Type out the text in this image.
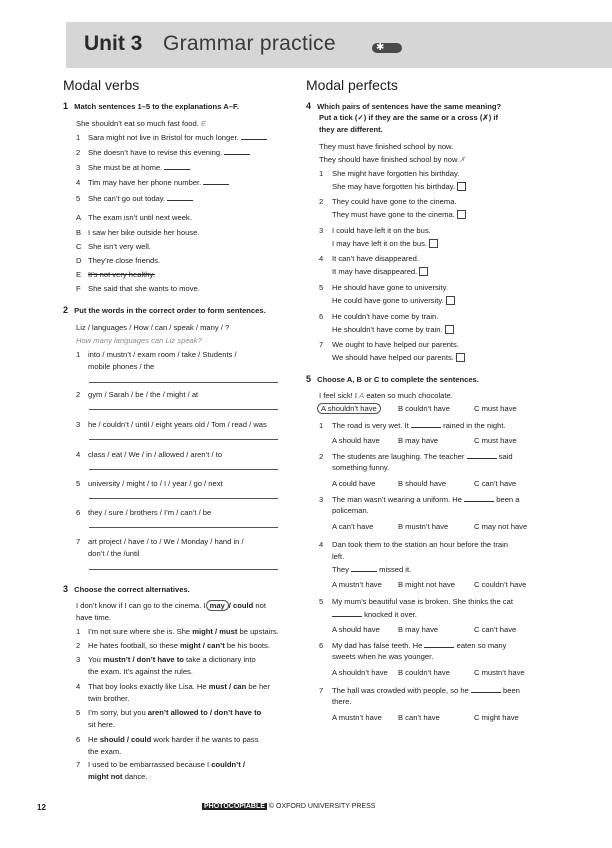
Unit 3 Grammar practice	✱
Modal verbs
1 Match sentences 1–5 to the explanations A–F.
She shouldn’t eat so much fast food. E
1 Sara might not live in Bristol for much longer.
2 She doesn’t have to revise this evening.
3 She must be at home.
4 Tim may have her phone number.
5 She can’t go out today.
A The exam isn’t until next week.
B I saw her bike outside her house.
C She isn’t very well.
D They’re close friends.
E It’s not very healthy.
F She said that she wants to move.
2 Put the words in the correct order to form sentences.
Liz / languages / How / can / speak / many / ?
How many languages can Liz speak?
1 into / mustn’t / exam room / take / Students /
mobile phones / the
2 gym / Sarah / be / the / might / at
3 he / couldn’t / until / eight years old / Tom / read / was
4 class / eat / We / in / allowed / aren’t / to
5 university / might / to / I / year / go / next
6 they / sure / brothers / I’m / can’t / be
7 art project / have / to / We / Monday / hand in /
don’t / the /until
3 Choose the correct alternatives.
I don’t know if I can go to the cinema. I may / could not
have time.
1 I’m not sure where she is. She might / must be upstairs.
2 He hates football, so these might / can’t be his boots.
3 You mustn’t / don’t have to take a dictionary into
the exam. It’s against the rules.
4 That boy looks exactly like Lisa. He must / can be her
twin brother.
5 I’m sorry, but you aren’t allowed to / don’t have to
sit here.
6 He should / could work harder if he wants to pass
the exam.
7 I used to be embarrassed because I couldn’t /
might not dance.
Modal perfects
4 Which pairs of sentences have the same meaning?
Put a tick (✓) if they are the same or a cross (✗) if
they are different.
They must have finished school by now.
They should have finished school by now.✗
1 She might have forgotten his birthday.
She may have forgotten his birthday.
2 They could have gone to the cinema.
They must have gone to the cinema.
3 I could have left it on the bus.
I may have left it on the bus.
4 It can’t have disappeared.
It may have disappeared.
5 He should have gone to university.
He could have gone to university.
6 He couldn’t have come by train.
He shouldn’t have come by train.
7 We ought to have helped our parents.
We should have helped our parents.
5 Choose A, B or C to complete the sentences.
I feel sick! I A eaten so much chocolate.
A shouldn’t have	B couldn’t have	C must have
1 The road is very wet. It	rained in the night.
A should have B may have	C must have
2 The students are laughing. The teacher	said
something funny.
A could have	B should have	C can’t have
3 The man wasn’t wearing a uniform. He	been a
policeman.
A can’t have	B mustn’t have	C may not have
4 Dan took them to the station an hour before the train
left.
They	missed it.
A mustn’t have B might not have	C couldn’t have
5 My mum’s beautiful vase is broken. She thinks the cat
knocked it over.
A should have B may have	C can’t have
6 My dad has false teeth. He	eaten so many
sweets when he was younger.
A shouldn’t have B couldn’t have	C mustn’t have
7 The hall was crowded with people, so he	been
there.
A mustn’t have B can’t have	C might have
12	PHOTOCOPIABLE © OXFORD UNIVERSITY PRESS
